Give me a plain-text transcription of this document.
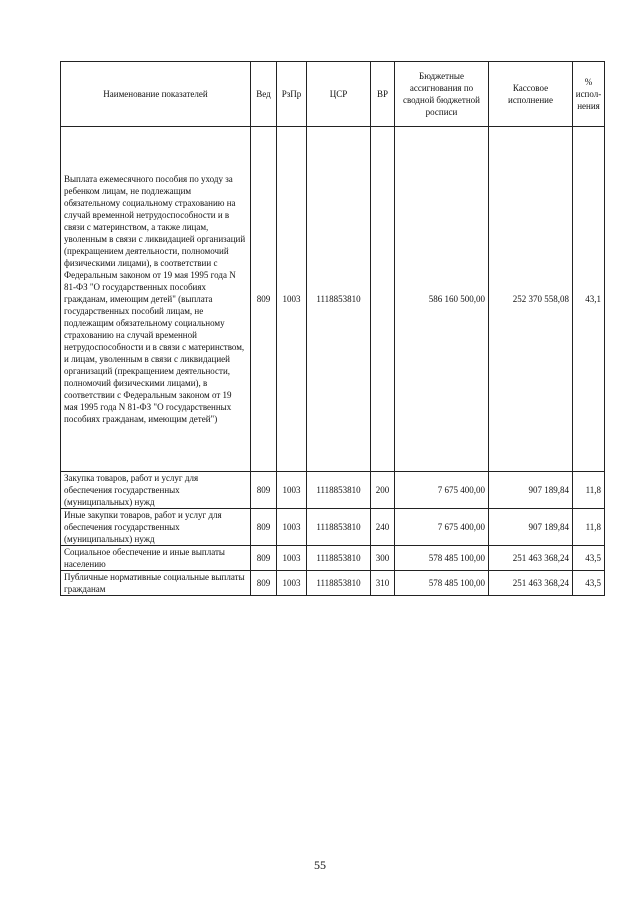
Наименование показателей	Вед	РзПр	ЦСР	ВР	Бюджетные ассигнования по сводной бюджетной росписи	Кассовое исполнение	% испол-нения
Выплата ежемесячного пособия по уходу за ребенком лицам, не подлежащим обязательному социальному страхованию на случай временной нетрудоспособности и в связи с материнством, а также лицам, уволенным в связи с ликвидацией организаций (прекращением деятельности, полномочий физическими лицами), в соответствии с Федеральным законом от 19 мая 1995 года N 81-ФЗ "О государственных пособиях гражданам, имеющим детей" (выплата государственных пособий лицам, не подлежащим обязательному социальному страхованию на случай временной нетрудоспособности и в связи с материнством, и лицам, уволенным в связи с ликвидацией организаций (прекращением деятельности, полномочий физическими лицами), в соответствии с Федеральным законом от 19 мая 1995 года N 81-ФЗ "О государственных пособиях гражданам, имеющим детей")	809	1003	1118853810		586 160 500,00	252 370 558,08	43,1
Закупка товаров, работ и услуг для обеспечения государственных (муниципальных) нужд	809	1003	1118853810	200	7 675 400,00	907 189,84	11,8
Иные закупки товаров, работ и услуг для обеспечения государственных (муниципальных) нужд	809	1003	1118853810	240	7 675 400,00	907 189,84	11,8
Социальное обеспечение и иные выплаты населению	809	1003	1118853810	300	578 485 100,00	251 463 368,24	43,5
Публичные нормативные социальные выплаты гражданам	809	1003	1118853810	310	578 485 100,00	251 463 368,24	43,5
55
